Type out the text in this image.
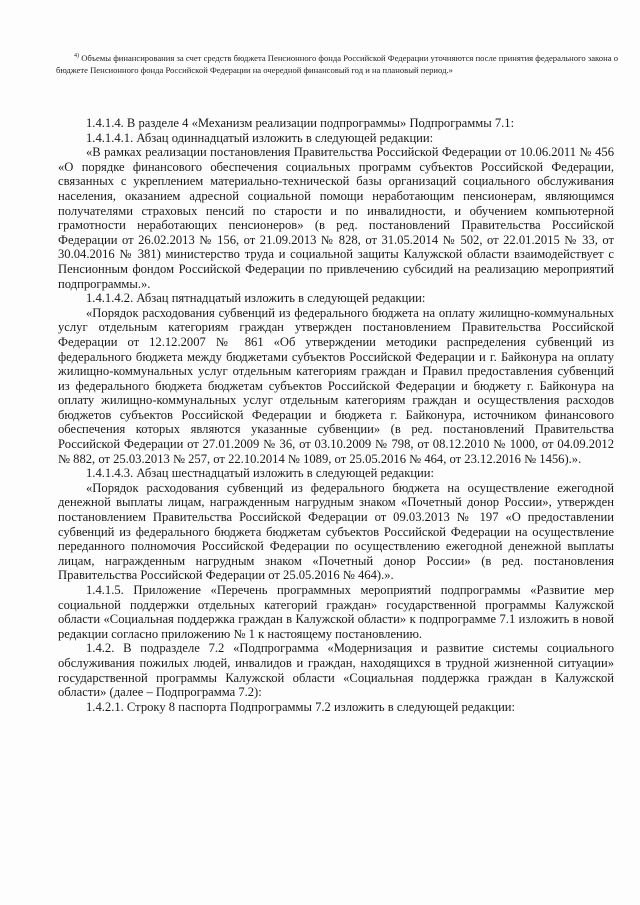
$^{4)}$ Объемы финансирования за счет средств бюджета Пенсионного фонда Российской Федерации уточняются после принятия федерального закона о бюджете Пенсионного фонда Российской Федерации на очередной финансовый год и на плановый период.»

1.4.1.4. В разделе 4 «Механизм реализации подпрограммы» Подпрограммы 7.1:

1.4.1.4.1. Абзац одиннадцатый изложить в следующей редакции:

«В рамках реализации постановления Правительства Российской Федерации от 10.06.2011 № 456 «О порядке финансового обеспечения социальных программ субъектов Российской Федерации, связанных с укреплением материально-технической базы организаций социального обслуживания населения, оказанием адресной социальной помощи неработающим пенсионерам, являющимся получателями страховых пенсий по старости и по инвалидности, и обучением компьютерной грамотности неработающих пенсионеров» (в ред. постановлений Правительства Российской Федерации от 26.02.2013 № 156, от 21.09.2013 № 828, от 31.05.2014 № 502, от 22.01.2015 № 33, от 30.04.2016 № 381) министерство труда и социальной защиты Калужской области взаимодействует с Пенсионным фондом Российской Федерации по привлечению субсидий на реализацию мероприятий подпрограммы.».

1.4.1.4.2. Абзац пятнадцатый изложить в следующей редакции:

«Порядок расходования субвенций из федерального бюджета на оплату жилищно-коммунальных услуг отдельным категориям граждан утвержден постановлением Правительства Российской Федерации от 12.12.2007 № 861 «Об утверждении методики распределения субвенций из федерального бюджета между бюджетами субъектов Российской Федерации и г. Байконура на оплату жилищно-коммунальных услуг отдельным категориям граждан и Правил предоставления субвенций из федерального бюджета бюджетам субъектов Российской Федерации и бюджету г. Байконура на оплату жилищно-коммунальных услуг отдельным категориям граждан и осуществления расходов бюджетов субъектов Российской Федерации и бюджета г. Байконура, источником финансового обеспечения которых являются указанные субвенции» (в ред. постановлений Правительства Российской Федерации от 27.01.2009 № 36, от 03.10.2009 № 798, от 08.12.2010 № 1000, от 04.09.2012 № 882, от 25.03.2013 № 257, от 22.10.2014 № 1089, от 25.05.2016 № 464, от 23.12.2016 № 1456).».

1.4.1.4.3. Абзац шестнадцатый изложить в следующей редакции:

«Порядок расходования субвенций из федерального бюджета на осуществление ежегодной денежной выплаты лицам, награжденным нагрудным знаком «Почетный донор России», утвержден постановлением Правительства Российской Федерации от 09.03.2013 № 197 «О предоставлении субвенций из федерального бюджета бюджетам субъектов Российской Федерации на осуществление переданного полномочия Российской Федерации по осуществлению ежегодной денежной выплаты лицам, награжденным нагрудным знаком «Почетный донор России» (в ред. постановления Правительства Российской Федерации от 25.05.2016 № 464).».

1.4.1.5. Приложение «Перечень программных мероприятий подпрограммы «Развитие мер социальной поддержки отдельных категорий граждан» государственной программы Калужской области «Социальная поддержка граждан в Калужской области» к подпрограмме 7.1 изложить в новой редакции согласно приложению № 1 к настоящему постановлению.

1.4.2. В подразделе 7.2 «Подпрограмма «Модернизация и развитие системы социального обслуживания пожилых людей, инвалидов и граждан, находящихся в трудной жизненной ситуации» государственной программы Калужской области «Социальная поддержка граждан в Калужской области» (далее – Подпрограмма 7.2):

1.4.2.1. Строку 8 паспорта Подпрограммы 7.2 изложить в следующей редакции:
